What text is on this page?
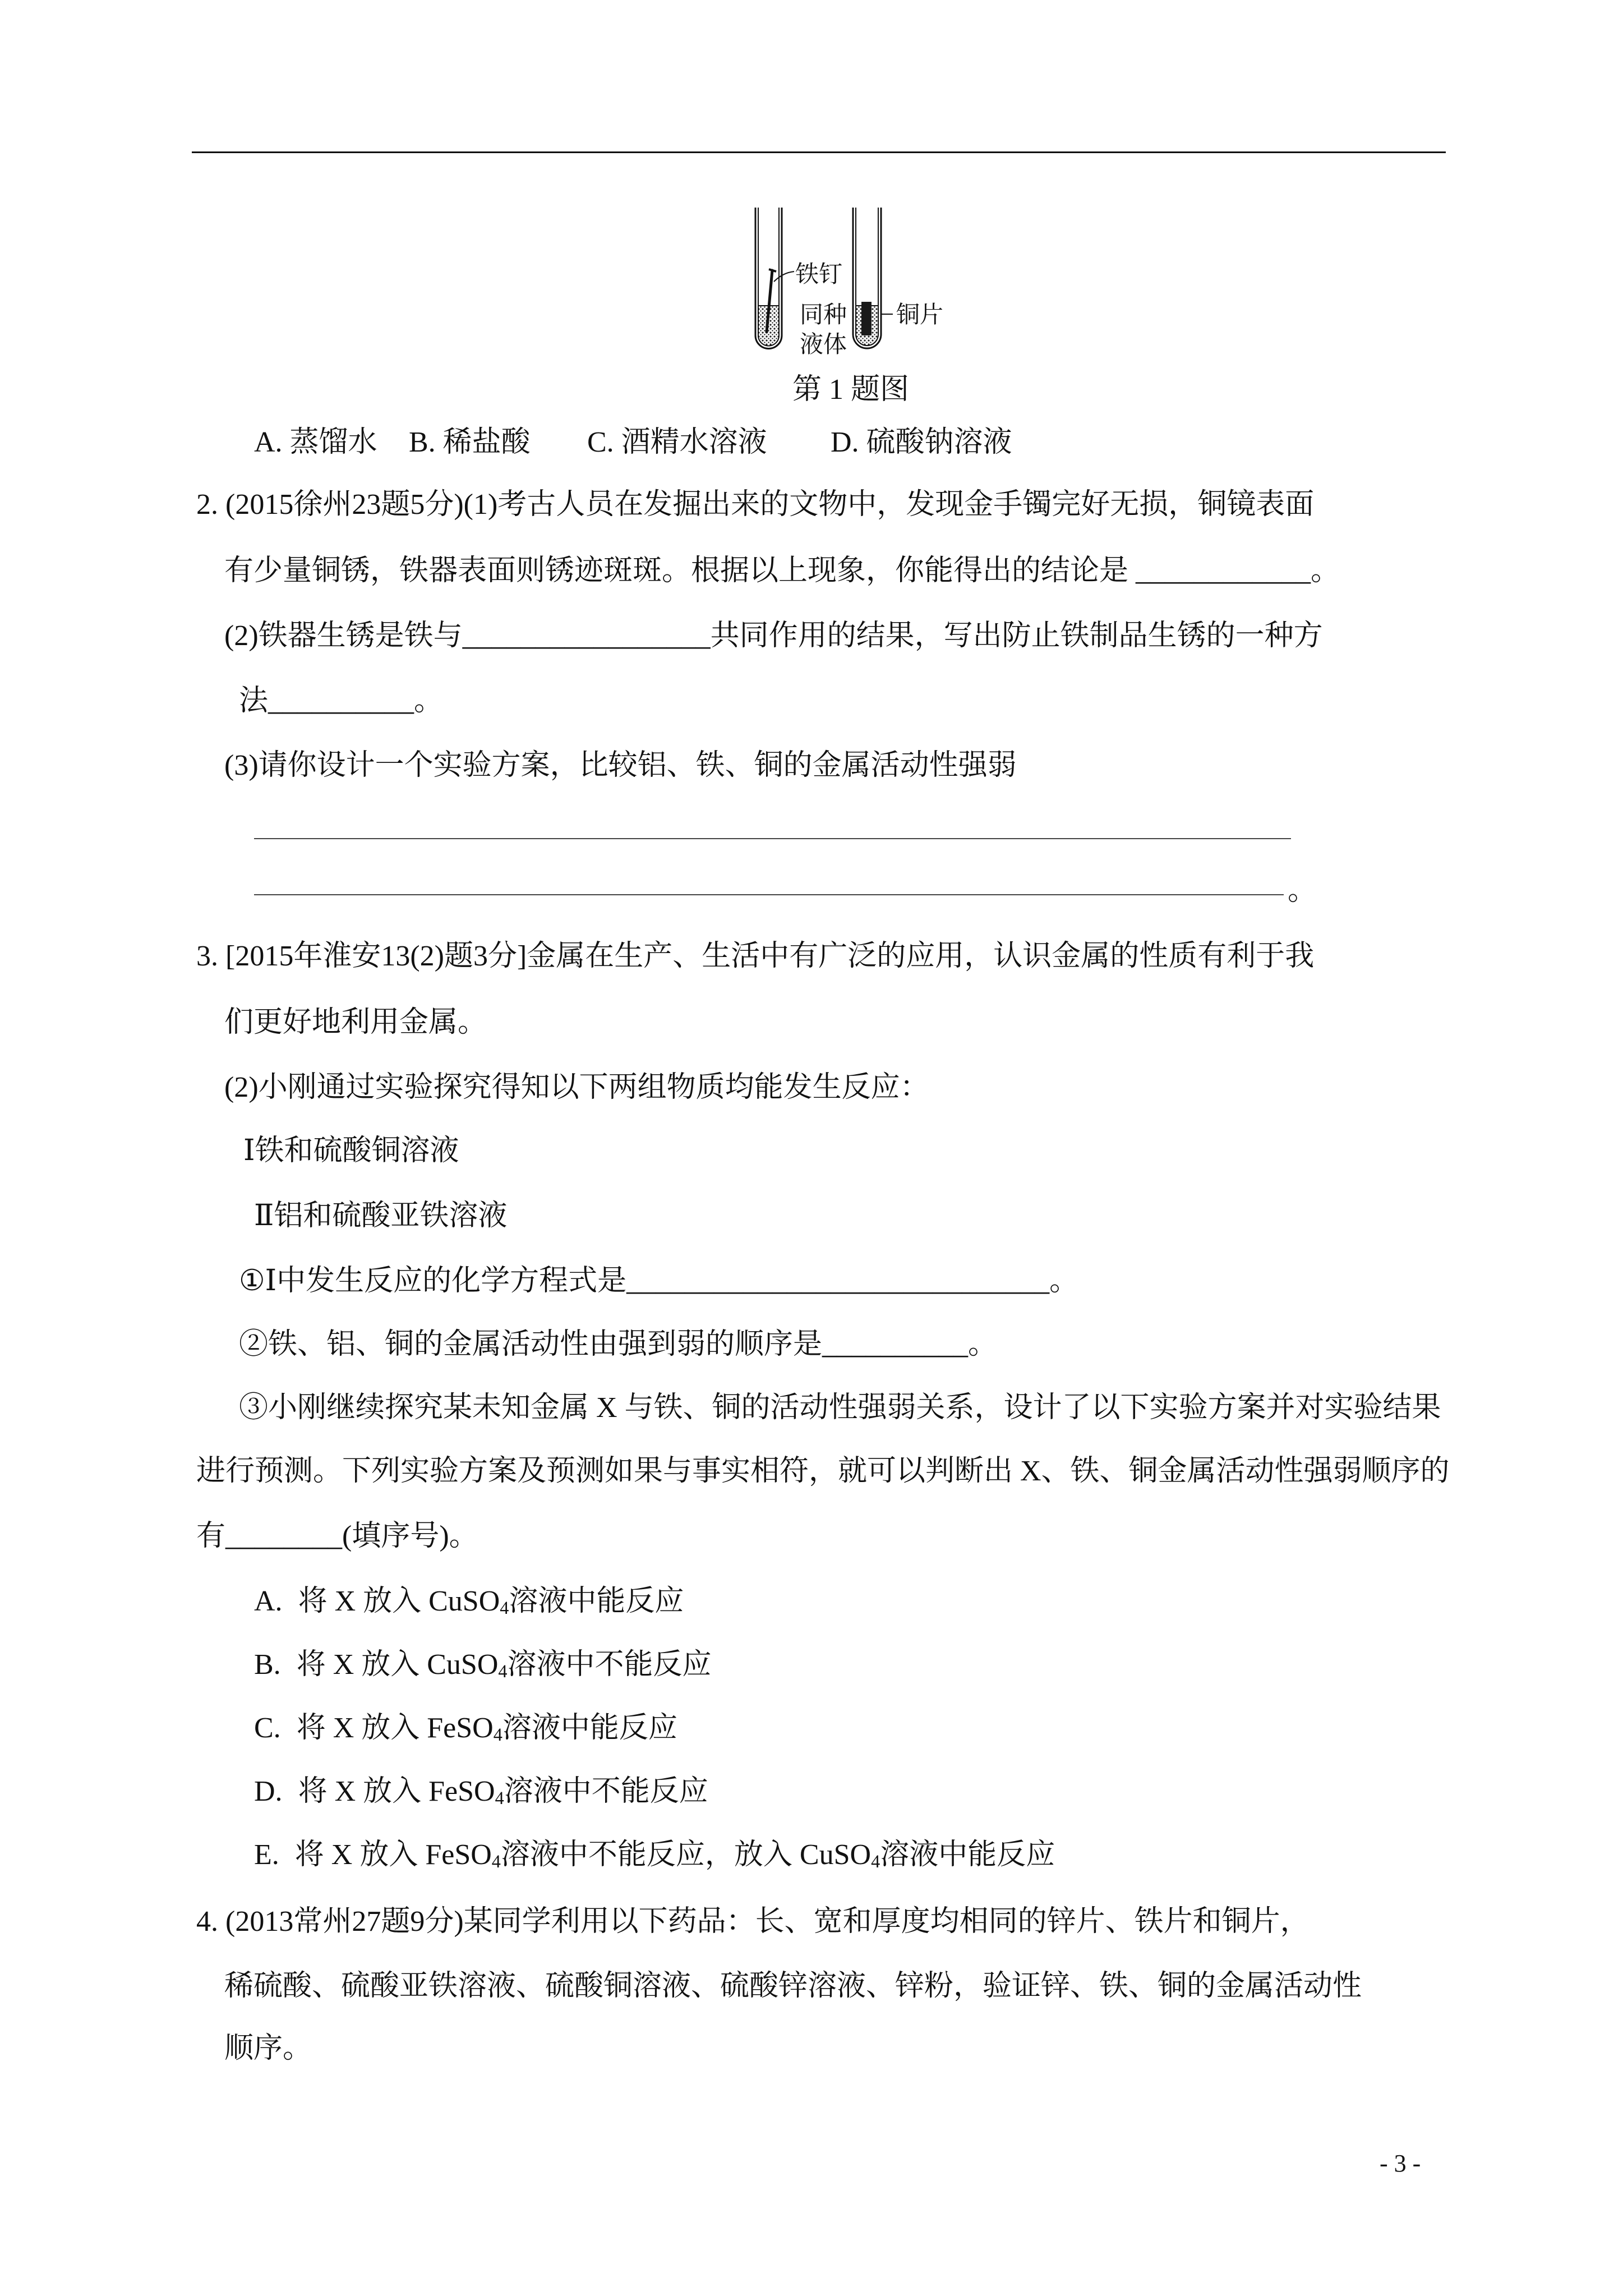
铁钉
同种
液体
铜片
第 1 题图
A. 蒸馏水 B. 稀盐酸 C. 酒精水溶液 D. 硫酸钠溶液
2. (2015徐州23题5分)(1)考古人员在发掘出来的文物中，发现金手镯完好无损，铜镜表面
有少量铜锈，铁器表面则锈迹斑斑。根据以上现象，你能得出的结论是 ____________。
(2)铁器生锈是铁与_________________共同作用的结果，写出防止铁制品生锈的一种方
法__________。
(3)请你设计一个实验方案，比较铝、铁、铜的金属活动性强弱
。
3. [2015年淮安13(2)题3分]金属在生产、生活中有广泛的应用，认识金属的性质有利于我
们更好地利用金属。
(2)小刚通过实验探究得知以下两组物质均能发生反应：
Ⅰ铁和硫酸铜溶液
Ⅱ铝和硫酸亚铁溶液
①Ⅰ中发生反应的化学方程式是_____________________________。
②铁、铝、铜的金属活动性由强到弱的顺序是__________。
③小刚继续探究某未知金属 X 与铁、铜的活动性强弱关系，设计了以下实验方案并对实验结果
进行预测。下列实验方案及预测如果与事实相符，就可以判断出 X、铁、铜金属活动性强弱顺序的
有________(填序号)。
A. 将 X 放入 CuSO$_4$溶液中能反应
B. 将 X 放入 CuSO$_4$溶液中不能反应
C. 将 X 放入 FeSO$_4$溶液中能反应
D. 将 X 放入 FeSO$_4$溶液中不能反应
E. 将 X 放入 FeSO$_4$溶液中不能反应，放入 CuSO$_4$溶液中能反应
4. (2013常州27题9分)某同学利用以下药品：长、宽和厚度均相同的锌片、铁片和铜片，
稀硫酸、硫酸亚铁溶液、硫酸铜溶液、硫酸锌溶液、锌粉，验证锌、铁、铜的金属活动性
顺序。
- 3 -
